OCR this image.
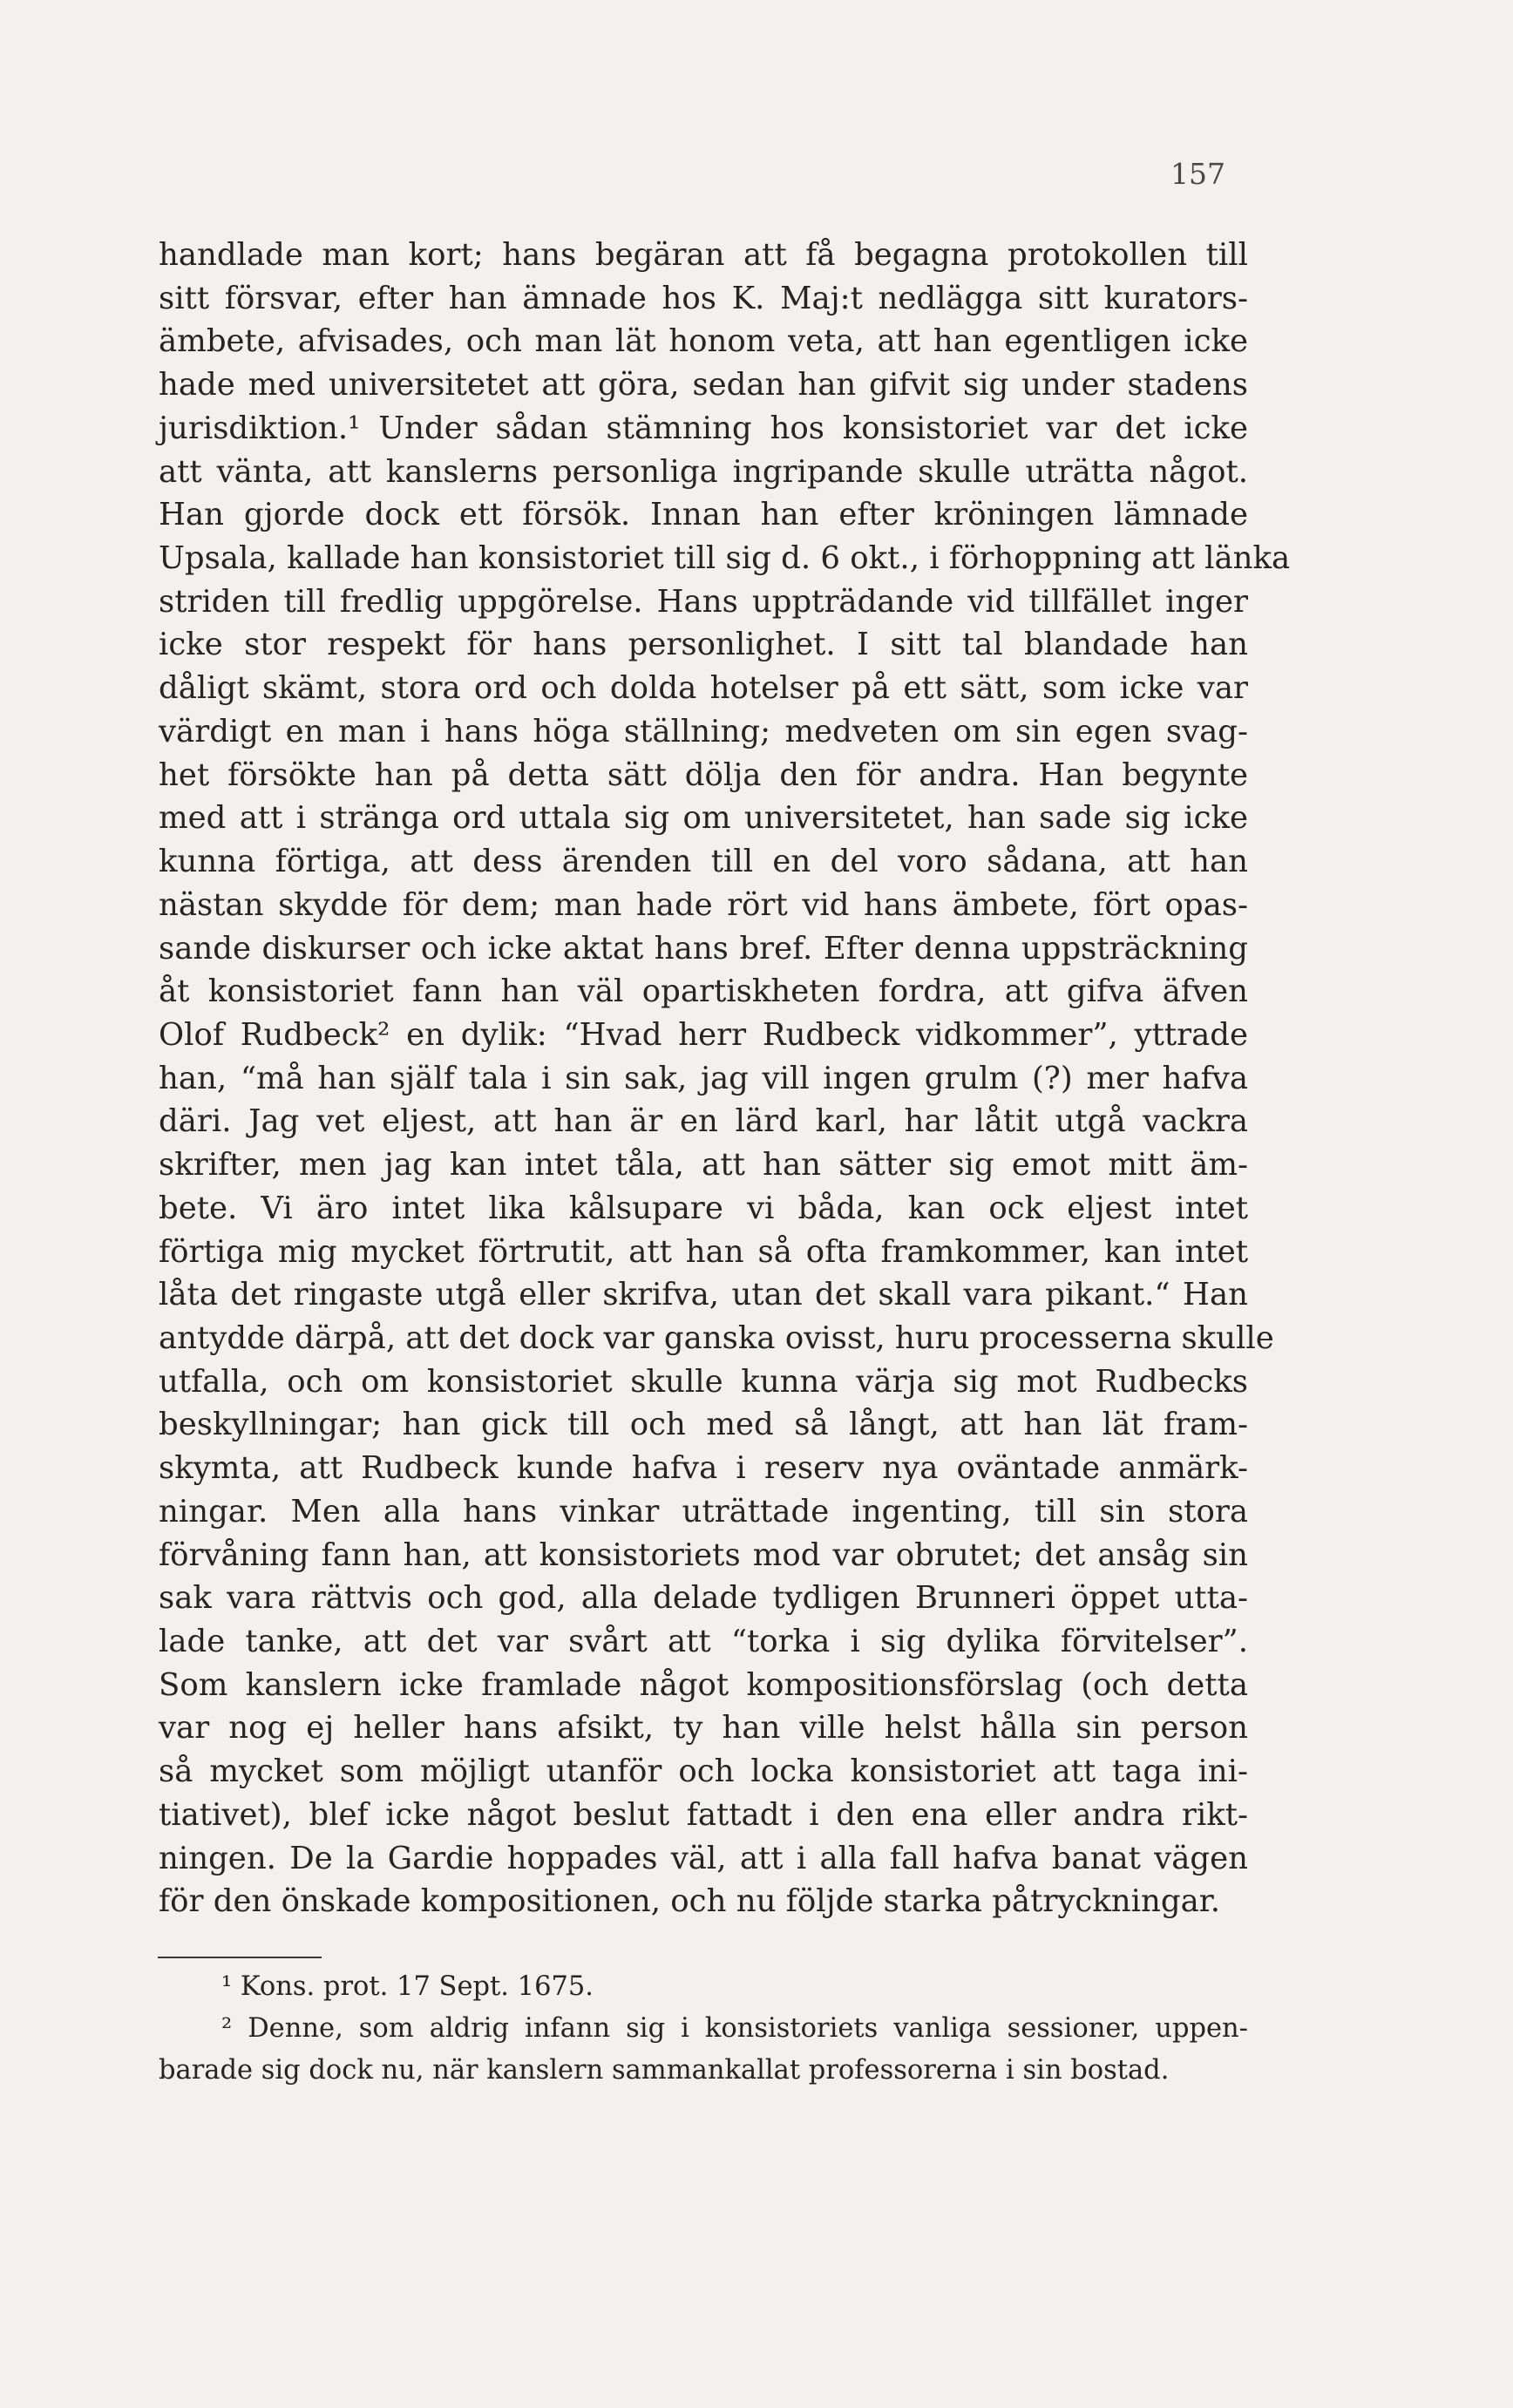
157
handlade man kort; hans begäran att få begagna protokollen till
sitt försvar, efter han ämnade hos K. Maj:t nedlägga sitt kurators-
ämbete, afvisades, och man lät honom veta, att han egentligen icke
hade med universitetet att göra, sedan han gifvit sig under stadens
jurisdiktion.¹ Under sådan stämning hos konsistoriet var det icke
att vänta, att kanslerns personliga ingripande skulle uträtta något.
Han gjorde dock ett försök. Innan han efter kröningen lämnade
Upsala, kallade han konsistoriet till sig d. 6 okt., i förhoppning att länka
striden till fredlig uppgörelse. Hans uppträdande vid tillfället inger
icke stor respekt för hans personlighet. I sitt tal blandade han
dåligt skämt, stora ord och dolda hotelser på ett sätt, som icke var
värdigt en man i hans höga ställning; medveten om sin egen svag-
het försökte han på detta sätt dölja den för andra. Han begynte
med att i stränga ord uttala sig om universitetet, han sade sig icke
kunna förtiga, att dess ärenden till en del voro sådana, att han
nästan skydde för dem; man hade rört vid hans ämbete, fört opas-
sande diskurser och icke aktat hans bref. Efter denna uppsträckning
åt konsistoriet fann han väl opartiskheten fordra, att gifva äfven
Olof Rudbeck² en dylik: “Hvad herr Rudbeck vidkommer”, yttrade
han, “må han själf tala i sin sak, jag vill ingen grulm (?) mer hafva
däri. Jag vet eljest, att han är en lärd karl, har låtit utgå vackra
skrifter, men jag kan intet tåla, att han sätter sig emot mitt äm-
bete. Vi äro intet lika kålsupare vi båda, kan ock eljest intet
förtiga mig mycket förtrutit, att han så ofta framkommer, kan intet
låta det ringaste utgå eller skrifva, utan det skall vara pikant.“ Han
antydde därpå, att det dock var ganska ovisst, huru processerna skulle
utfalla, och om konsistoriet skulle kunna värja sig mot Rudbecks
beskyllningar; han gick till och med så långt, att han lät fram-
skymta, att Rudbeck kunde hafva i reserv nya oväntade anmärk-
ningar. Men alla hans vinkar uträttade ingenting, till sin stora
förvåning fann han, att konsistoriets mod var obrutet; det ansåg sin
sak vara rättvis och god, alla delade tydligen Brunneri öppet utta-
lade tanke, att det var svårt att “torka i sig dylika förvitelser”.
Som kanslern icke framlade något kompositionsförslag (och detta
var nog ej heller hans afsikt, ty han ville helst hålla sin person
så mycket som möjligt utanför och locka konsistoriet att taga ini-
tiativet), blef icke något beslut fattadt i den ena eller andra rikt-
ningen. De la Gardie hoppades väl, att i alla fall hafva banat vägen
för den önskade kompositionen, och nu följde starka påtryckningar.
¹ Kons. prot. 17 Sept. 1675.
² Denne, som aldrig infann sig i konsistoriets vanliga sessioner, uppen-
barade sig dock nu, när kanslern sammankallat professorerna i sin bostad.
